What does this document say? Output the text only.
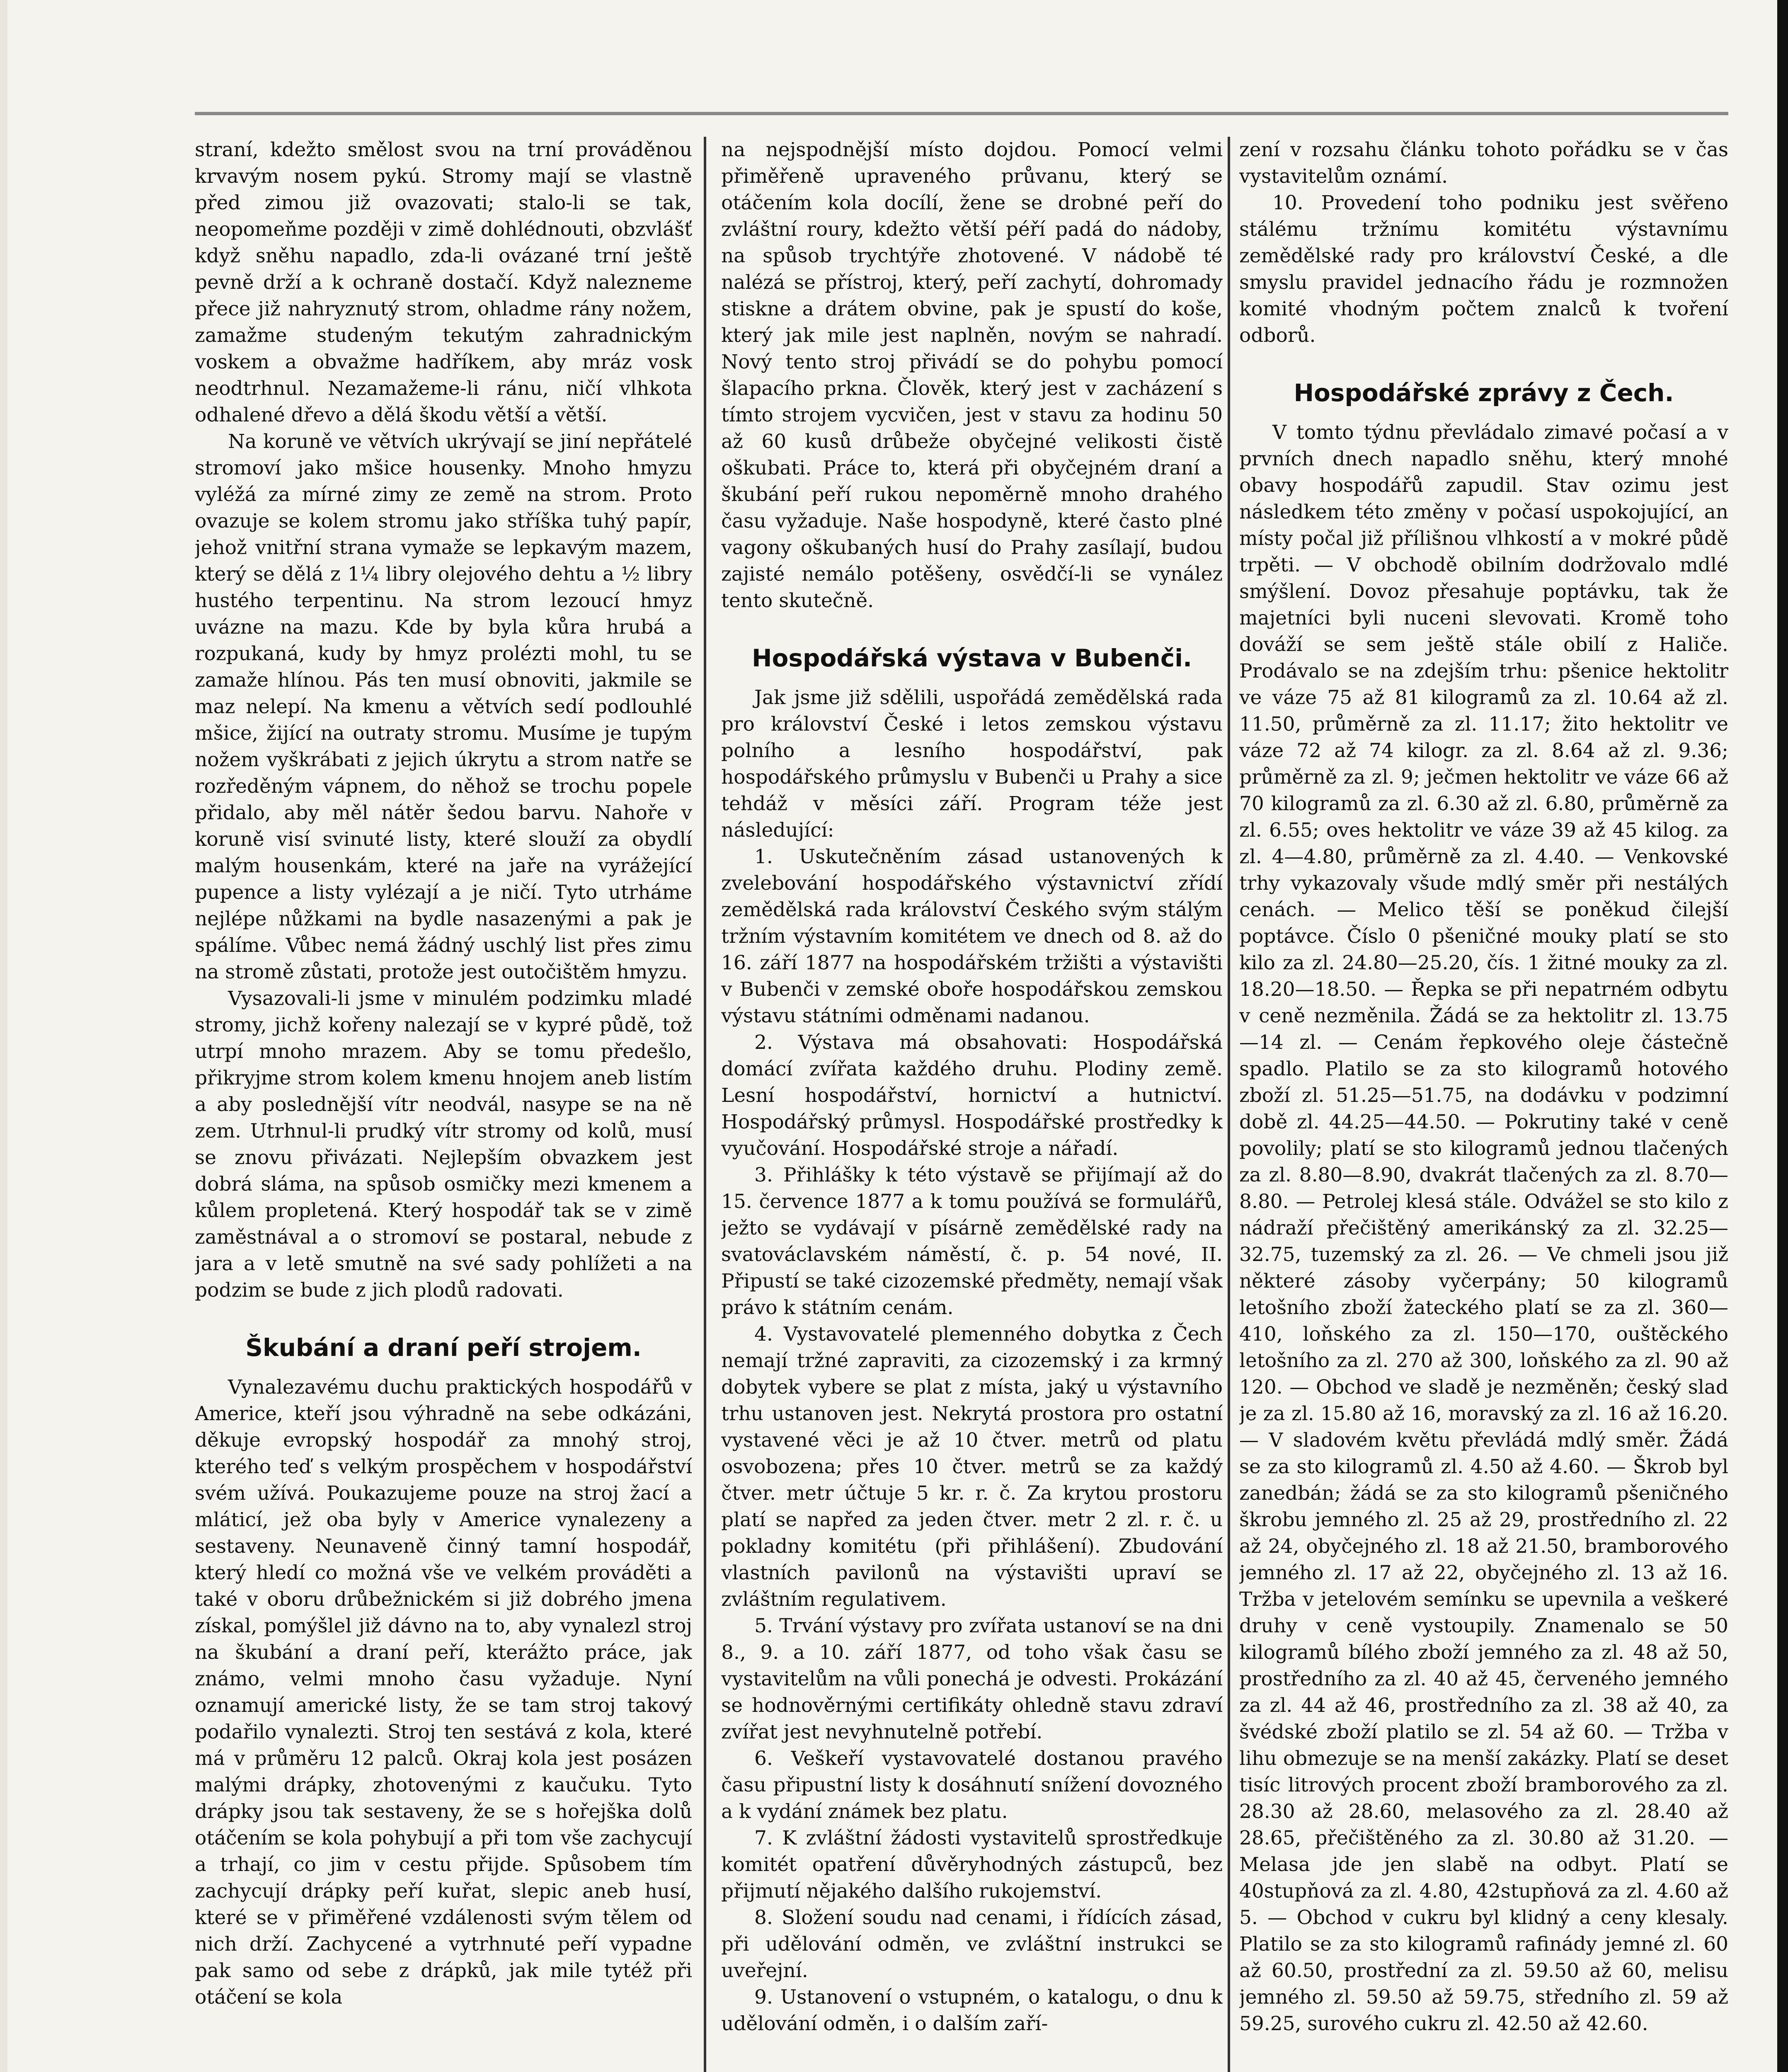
straní, kdežto smělost svou na trní prováděnou krvavým nosem pykú. Stromy mají se vlastně před zimou již ovazovati; stalo-li se tak, neopomeňme později v zimě dohlédnouti, obzvlášť když sněhu napadlo, zda-li ovázané trní ještě pevně drží a k ochraně dostačí. Když nalezneme přece již nahryznutý strom, ohladme rány nožem, zamažme studeným tekutým zahradnickým voskem a obvažme hadříkem, aby mráz vosk neodtrhnul. Nezamažeme-li ránu, ničí vlhkota odhalené dřevo a dělá škodu větší a větší.

Na koruně ve větvích ukrývají se jiní nepřátelé stromoví jako mšice housenky. Mnoho hmyzu vyléžá za mírné zimy ze země na strom. Proto ovazuje se kolem stromu jako stříška tuhý papír, jehož vnitřní strana vymaže se lepkavým mazem, který se dělá z 1¼ libry olejového dehtu a ½ libry hustého terpentinu. Na strom lezoucí hmyz uvázne na mazu. Kde by byla kůra hrubá a rozpukaná, kudy by hmyz prolézti mohl, tu se zamaže hlínou. Pás ten musí obnoviti, jakmile se maz nelepí. Na kmenu a větvích sedí podlouhlé mšice, žijící na outraty stromu. Musíme je tupým nožem vyškrábati z jejich úkrytu a strom natře se rozředěným vápnem, do něhož se trochu popele přidalo, aby měl nátěr šedou barvu. Nahoře v koruně visí svinuté listy, které slouží za obydlí malým housenkám, které na jaře na vyrážející pupence a listy vylézají a je ničí. Tyto utrháme nejlépe nůžkami na bydle nasazenými a pak je spálíme. Vůbec nemá žádný uschlý list přes zimu na stromě zůstati, protože jest outočištěm hmyzu.

Vysazovali-li jsme v minulém podzimku mladé stromy, jichž kořeny nalezají se v kypré půdě, tož utrpí mnoho mrazem. Aby se tomu předešlo, přikryjme strom kolem kmenu hnojem aneb listím a aby poslednější vítr neodvál, nasype se na ně zem. Utrhnul-li prudký vítr stromy od kolů, musí se znovu přivázati. Nejlepším obvazkem jest dobrá sláma, na spůsob osmičky mezi kmenem a kůlem propletená. Který hospodář tak se v zimě zaměstnával a o stromoví se postaral, nebude z jara a v letě smutně na své sady pohlížeti a na podzim se bude z jich plodů radovati.

Škubání a draní peří strojem.

Vynalezavému duchu praktických hospodářů v Americe, kteří jsou výhradně na sebe odkázáni, děkuje evropský hospodář za mnohý stroj, kterého teď s velkým prospěchem v hospodářství svém užívá. Poukazujeme pouze na stroj žací a mláticí, jež oba byly v Americe vynalezeny a sestaveny. Neunaveně činný tamní hospodář, který hledí co možná vše ve velkém prováděti a také v oboru drůbežnickém si již dobrého jmena získal, pomýšlel již dávno na to, aby vynalezl stroj na škubání a draní peří, kterážto práce, jak známo, velmi mnoho času vyžaduje. Nyní oznamují americké listy, že se tam stroj takový podařilo vynalezti. Stroj ten sestává z kola, které má v průměru 12 palců. Okraj kola jest posázen malými drápky, zhotovenými z kaučuku. Tyto drápky jsou tak sestaveny, že se s hořejška dolů otáčením se kola pohybují a při tom vše zachycují a trhají, co jim v cestu přijde. Spůsobem tím zachycují drápky peří kuřat, slepic aneb husí, které se v přiměřené vzdálenosti svým tělem od nich drží. Zachycené a vytrhnuté peří vypadne pak samo od sebe z drápků, jak mile tytéž při otáčení se kola

na nejspodnější místo dojdou. Pomocí velmi přiměřeně upraveného průvanu, který se otáčením kola docílí, žene se drobné peří do zvláštní roury, kdežto větší péří padá do nádoby, na spůsob trychtýře zhotovené. V nádobě té nalézá se přístroj, který, peří zachytí, dohromady stiskne a drátem obvine, pak je spustí do koše, který jak mile jest naplněn, novým se nahradí. Nový tento stroj přivádí se do pohybu pomocí šlapacího prkna. Člověk, který jest v zacházení s tímto strojem vycvičen, jest v stavu za hodinu 50 až 60 kusů drůbeže obyčejné velikosti čistě oškubati. Práce to, která při obyčejném draní a škubání peří rukou nepoměrně mnoho drahého času vyžaduje. Naše hospodyně, které často plné vagony oškubaných husí do Prahy zasílají, budou zajisté nemálo potěšeny, osvědčí-li se vynález tento skutečně.

Hospodářská výstava v Bubenči.

Jak jsme již sdělili, uspořádá zemědělská rada pro království České i letos zemskou výstavu polního a lesního hospodářství, pak hospodářského průmyslu v Bubenči u Prahy a sice tehdáž v měsíci září. Program téže jest následující:

1. Uskutečněním zásad ustanovených k zvelebování hospodářského výstavnictví zřídí zemědělská rada království Českého svým stálým tržním výstavním komitétem ve dnech od 8. až do 16. září 1877 na hospodářském tržišti a výstavišti v Bubenči v zemské oboře hospodářskou zemskou výstavu státními odměnami nadanou.

2. Výstava má obsahovati: Hospodářská domácí zvířata každého druhu. Plodiny země. Lesní hospodářství, hornictví a hutnictví. Hospodářský průmysl. Hospodářské prostředky k vyučování. Hospodářské stroje a nářadí.

3. Přihlášky k této výstavě se přijímají až do 15. července 1877 a k tomu používá se formulářů, ježto se vydávají v písárně zemědělské rady na svatováclavském náměstí, č. p. 54 nové, II. Připustí se také cizozemské předměty, nemají však právo k státním cenám.

4. Vystavovatelé plemenného dobytka z Čech nemají tržné zapraviti, za cizozemský i za krmný dobytek vybere se plat z místa, jaký u výstavního trhu ustanoven jest. Nekrytá prostora pro ostatní vystavené věci je až 10 čtver. metrů od platu osvobozena; přes 10 čtver. metrů se za každý čtver. metr účtuje 5 kr. r. č. Za krytou prostoru platí se napřed za jeden čtver. metr 2 zl. r. č. u pokladny komitétu (při přihlášení). Zbudování vlastních pavilonů na výstavišti upraví se zvláštním regulativem.

5. Trvání výstavy pro zvířata ustanoví se na dni 8., 9. a 10. září 1877, od toho však času se vystavitelům na vůli ponechá je odvesti. Prokázání se hodnověrnými certifikáty ohledně stavu zdraví zvířat jest nevyhnutelně potřebí.

6. Veškeří vystavovatelé dostanou pravého času připustní listy k dosáhnutí snížení dovozného a k vydání známek bez platu.

7. K zvláštní žádosti vystavitelů sprostředkuje komitét opatření důvěryhodných zástupců, bez přijmutí nějakého dalšího rukojemství.

8. Složení soudu nad cenami, i řídících zásad, při udělování odměn, ve zvláštní instrukci se uveřejní.

9. Ustanovení o vstupném, o katalogu, o dnu k udělování odměn, i o dalším zaří-

zení v rozsahu článku tohoto pořádku se v čas vystavitelům oznámí.

10. Provedení toho podniku jest svěřeno stálému tržnímu komitétu výstavnímu zemědělské rady pro království České, a dle smyslu pravidel jednacího řádu je rozmnožen komité vhodným počtem znalců k tvoření odborů.

Hospodářské zprávy z Čech.

V tomto týdnu převládalo zimavé počasí a v prvních dnech napadlo sněhu, který mnohé obavy hospodářů zapudil. Stav ozimu jest následkem této změny v počasí uspokojující, an místy počal již přílišnou vlhkostí a v mokré půdě trpěti. — V obchodě obilním dodržovalo mdlé smýšlení. Dovoz přesahuje poptávku, tak že majetníci byli nuceni slevovati. Kromě toho dováží se sem ještě stále obilí z Haliče. Prodávalo se na zdejším trhu: pšenice hektolitr ve váze 75 až 81 kilogramů za zl. 10.64 až zl. 11.50, průměrně za zl. 11.17; žito hektolitr ve váze 72 až 74 kilogr. za zl. 8.64 až zl. 9.36; průměrně za zl. 9; ječmen hektolitr ve váze 66 až 70 kilogramů za zl. 6.30 až zl. 6.80, průměrně za zl. 6.55; oves hektolitr ve váze 39 až 45 kilog. za zl. 4—4.80, průměrně za zl. 4.40. — Venkovské trhy vykazovaly všude mdlý směr při nestálých cenách. — Melico těší se poněkud čilejší poptávce. Číslo 0 pšeničné mouky platí se sto kilo za zl. 24.80—25.20, čís. 1 žitné mouky za zl. 18.20—18.50. — Řepka se při nepatrném odbytu v ceně nezměnila. Žádá se za hektolitr zl. 13.75—14 zl. — Cenám řepkového oleje částečně spadlo. Platilo se za sto kilogramů hotového zboží zl. 51.25—51.75, na dodávku v podzimní době zl. 44.25—44.50. — Pokrutiny také v ceně povolily; platí se sto kilogramů jednou tlačených za zl. 8.80—8.90, dvakrát tlačených za zl. 8.70—8.80. — Petrolej klesá stále. Odvážel se sto kilo z nádraží přečištěný amerikánský za zl. 32.25—32.75, tuzemský za zl. 26. — Ve chmeli jsou již některé zásoby vyčerpány; 50 kilogramů letošního zboží žateckého platí se za zl. 360—410, loňského za zl. 150—170, ouštěckého letošního za zl. 270 až 300, loňského za zl. 90 až 120. — Obchod ve sladě je nezměněn; český slad je za zl. 15.80 až 16, moravský za zl. 16 až 16.20. — V sladovém květu převládá mdlý směr. Žádá se za sto kilogramů zl. 4.50 až 4.60. — Škrob byl zanedbán; žádá se za sto kilogramů pšeničného škrobu jemného zl. 25 až 29, prostředního zl. 22 až 24, obyčejného zl. 18 až 21.50, bramborového jemného zl. 17 až 22, obyčejného zl. 13 až 16. Tržba v jetelovém semínku se upevnila a veškeré druhy v ceně vystoupily. Znamenalo se 50 kilogramů bílého zboží jemného za zl. 48 až 50, prostředního za zl. 40 až 45, červeného jemného za zl. 44 až 46, prostředního za zl. 38 až 40, za švédské zboží platilo se zl. 54 až 60. — Tržba v lihu obmezuje se na menší zakázky. Platí se deset tisíc litrových procent zboží bramborového za zl. 28.30 až 28.60, melasového za zl. 28.40 až 28.65, přečištěného za zl. 30.80 až 31.20. — Melasa jde jen slabě na odbyt. Platí se 40stupňová za zl. 4.80, 42stupňová za zl. 4.60 až 5. — Obchod v cukru byl klidný a ceny klesaly. Platilo se za sto kilogramů rafinády jemné zl. 60 až 60.50, prostřední za zl. 59.50 až 60, melisu jemného zl. 59.50 až 59.75, středního zl. 59 až 59.25, surového cukru zl. 42.50 až 42.60.
